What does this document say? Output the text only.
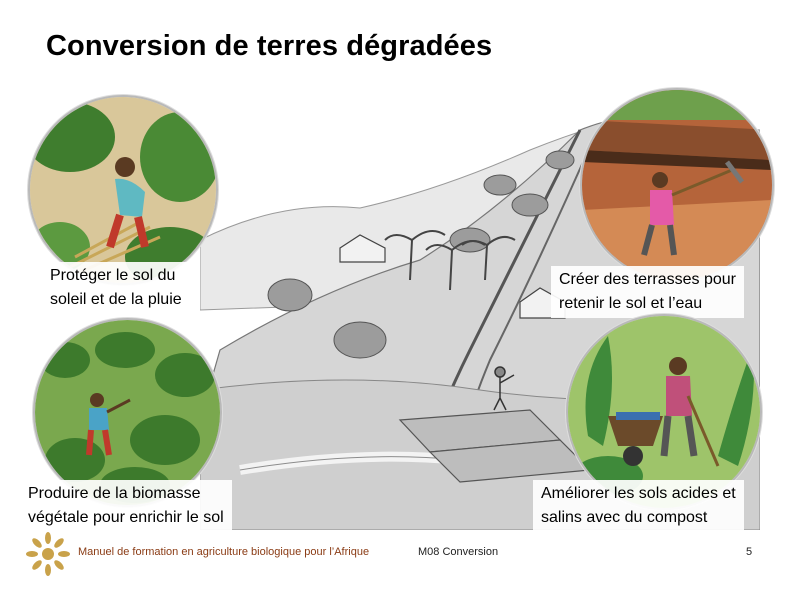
Conversion de terres dégradées
Protéger le sol du
soleil et de la pluie
Créer des terrasses pour
retenir le sol et l’eau
Produire de la biomasse
végétale pour enrichir le sol
Améliorer les sols acides et
salins avec du compost
Manuel de formation en agriculture biologique pour l’Afrique	M08 Conversion	5
